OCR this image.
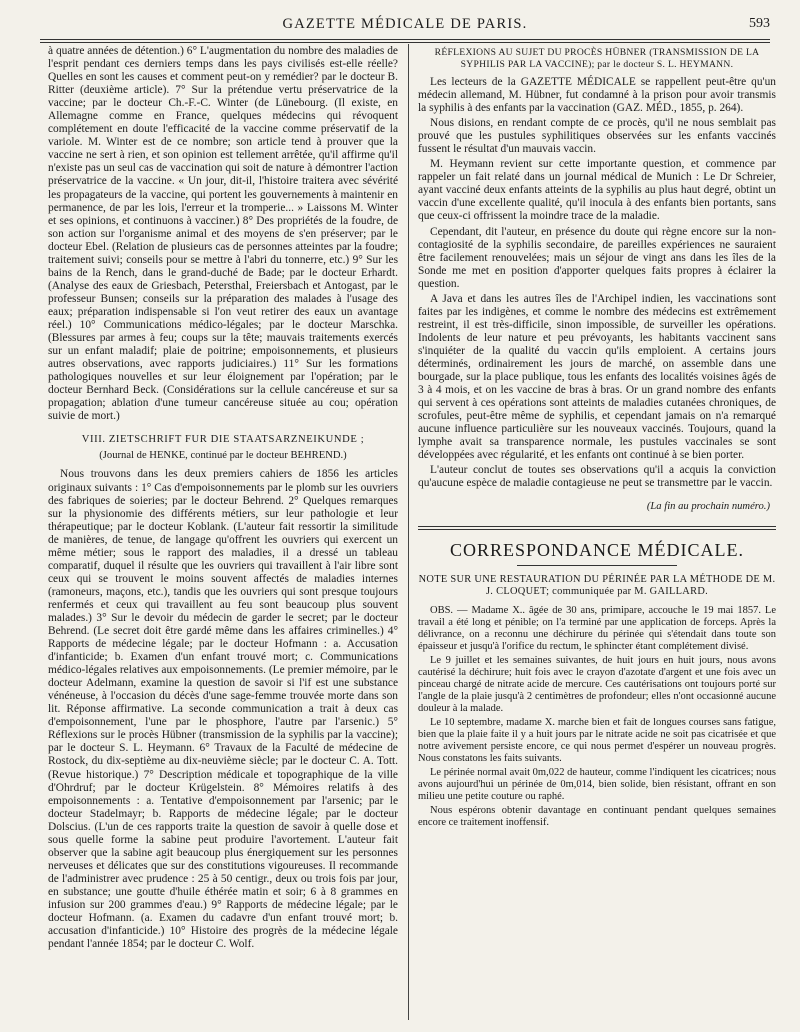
GAZETTE MÉDICALE DE PARIS.	593

à quatre années de détention.) 6° L'augmentation du nombre des maladies de l'esprit pendant ces derniers temps dans les pays civilisés est-elle réelle? Quelles en sont les causes et comment peut-on y remédier? par le docteur B. Ritter (deuxième article). 7° Sur la prétendue vertu préservatrice de la vaccine; par le docteur Ch.-F.-C. Winter (de Lünebourg. (Il existe, en Allemagne comme en France, quelques médecins qui révoquent complétement en doute l'efficacité de la vaccine comme préservatif de la variole. M. Winter est de ce nombre; son article tend à prouver que la vaccine ne sert à rien, et son opinion est tellement arrêtée, qu'il affirme qu'il n'existe pas un seul cas de vaccination qui soit de nature à démontrer l'action préservatrice de la vaccine. « Un jour, dit-il, l'histoire traitera avec sévérité les propagateurs de la vaccine, qui portent les gouvernements à maintenir en permanence, de par les lois, l'erreur et la tromperie... » Laissons M. Winter et ses opinions, et continuons à vacciner.) 8° Des propriétés de la foudre, de son action sur l'organisme animal et des moyens de s'en préserver; par le docteur Ebel. (Relation de plusieurs cas de personnes atteintes par la foudre; traitement suivi; conseils pour se mettre à l'abri du tonnerre, etc.) 9° Sur les bains de la Rench, dans le grand-duché de Bade; par le docteur Erhardt. (Analyse des eaux de Griesbach, Petersthal, Freiersbach et Antogast, par le professeur Bunsen; conseils sur la préparation des malades à l'usage des eaux; préparation indispensable si l'on veut retirer des eaux un avantage réel.) 10° Communications médico-légales; par le docteur Marschka. (Blessures par armes à feu; coups sur la tête; mauvais traitements exercés sur un enfant maladif; plaie de poitrine; empoisonnements, et plusieurs autres observations, avec rapports judiciaires.) 11° Sur les formations pathologiques nouvelles et sur leur éloignement par l'opération; par le docteur Bernhard Beck. (Considérations sur la cellule cancéreuse et sur sa propagation; ablation d'une tumeur cancéreuse située au cou; opération suivie de mort.)

VIII. ZIETSCHRIFT FUR DIE STAATSARZNEIKUNDE ;
(Journal de HENKE, continué par le docteur BEHREND.)

Nous trouvons dans les deux premiers cahiers de 1856 les articles originaux suivants : 1° Cas d'empoisonnements par le plomb sur les ouvriers des fabriques de soieries; par le docteur Behrend. 2° Quelques remarques sur la physionomie des différents métiers, sur leur pathologie et leur thérapeutique; par le docteur Koblank. (L'auteur fait ressortir la similitude de manières, de tenue, de langage qu'offrent les ouvriers qui exercent un même métier; sous le rapport des maladies, il a dressé un tableau comparatif, duquel il résulte que les ouvriers qui travaillent à l'air libre sont ceux qui se trouvent le moins souvent affectés de maladies internes (ramoneurs, maçons, etc.), tandis que les ouvriers qui sont presque toujours renfermés et ceux qui travaillent au feu sont beaucoup plus souvent malades.) 3° Sur le devoir du médecin de garder le secret; par le docteur Behrend. (Le secret doit être gardé même dans les affaires criminelles.) 4° Rapports de médecine légale; par le docteur Hofmann : a. Accusation d'infanticide; b. Examen d'un enfant trouvé mort; c. Communications médico-légales relatives aux empoisonnements. (Le premier mémoire, par le docteur Adelmann, examine la question de savoir si l'if est une substance vénéneuse, à l'occasion du décès d'une sage-femme trouvée morte dans son lit. Réponse affirmative. La seconde communication a trait à deux cas d'empoisonnement, l'une par le phosphore, l'autre par l'arsenic.) 5° Réflexions sur le procès Hübner (transmission de la syphilis par la vaccine); par le docteur S. L. Heymann. 6° Travaux de la Faculté de médecine de Rostock, du dix-septième au dix-neuvième siècle; par le docteur C. A. Tott. (Revue historique.) 7° Description médicale et topographique de la ville d'Ohrdruf; par le docteur Krügelstein. 8° Mémoires relatifs à des empoisonnements : a. Tentative d'empoisonnement par l'arsenic; par le docteur Stadelmayr; b. Rapports de médecine légale; par le docteur Dolscius. (L'un de ces rapports traite la question de savoir à quelle dose et sous quelle forme la sabine peut produire l'avortement. L'auteur fait observer que la sabine agit beaucoup plus énergiquement sur les personnes nerveuses et délicates que sur des constitutions vigoureuses. Il recommande de l'administrer avec prudence : 25 à 50 centigr., deux ou trois fois par jour, en substance; une goutte d'huile éthérée matin et soir; 6 à 8 grammes en infusion sur 200 grammes d'eau.) 9° Rapports de médecine légale; par le docteur Hofmann. (a. Examen du cadavre d'un enfant trouvé mort; b. accusation d'infanticide.) 10° Histoire des progrès de la médecine légale pendant l'année 1854; par le docteur C. Wolf.

RÉFLEXIONS AU SUJET DU PROCÈS HÜBNER (TRANSMISSION DE LA SYPHILIS PAR LA VACCINE); par le docteur S. L. HEYMANN.

Les lecteurs de la GAZETTE MÉDICALE se rappellent peut-être qu'un médecin allemand, M. Hübner, fut condamné à la prison pour avoir transmis la syphilis à des enfants par la vaccination (GAZ. MÉD., 1855, p. 264).

Nous disions, en rendant compte de ce procès, qu'il ne nous semblait pas prouvé que les pustules syphilitiques observées sur les enfants vaccinés fussent le résultat d'un mauvais vaccin.

M. Heymann revient sur cette importante question, et commence par rappeler un fait relaté dans un journal médical de Munich : Le Dr Schreier, ayant vacciné deux enfants atteints de la syphilis au plus haut degré, obtint un vaccin d'une excellente qualité, qu'il inocula à des enfants bien portants, sans que ceux-ci offrissent la moindre trace de la maladie.

Cependant, dit l'auteur, en présence du doute qui règne encore sur la non-contagiosité de la syphilis secondaire, de pareilles expériences ne sauraient être facilement renouvelées; mais un séjour de vingt ans dans les îles de la Sonde me met en position d'apporter quelques faits propres à éclairer la question.

A Java et dans les autres îles de l'Archipel indien, les vaccinations sont faites par les indigènes, et comme le nombre des médecins est extrêmement restreint, il est très-difficile, sinon impossible, de surveiller les opérations. Indolents de leur nature et peu prévoyants, les habitants vaccinent sans s'inquiéter de la qualité du vaccin qu'ils emploient. A certains jours déterminés, ordinairement les jours de marché, on assemble dans une bourgade, sur la place publique, tous les enfants des localités voisines âgés de 3 à 4 mois, et on les vaccine de bras à bras. Or un grand nombre des enfants qui servent à ces opérations sont atteints de maladies cutanées chroniques, de scrofules, peut-être même de syphilis, et cependant jamais on n'a remarqué aucune influence particulière sur les nouveaux vaccinés. Toujours, quand la lymphe avait sa transparence normale, les pustules vaccinales se sont développées avec régularité, et les enfants ont continué à se bien porter.

L'auteur conclut de toutes ses observations qu'il a acquis la conviction qu'aucune espèce de maladie contagieuse ne peut se transmettre par le vaccin.

(La fin au prochain numéro.)
CORRESPONDANCE MÉDICALE.
NOTE SUR UNE RESTAURATION DU PÉRINÉE PAR LA MÉTHODE DE M. J. CLOQUET; communiquée par M. GAILLARD.

OBS. — Madame X.. âgée de 30 ans, primipare, accouche le 19 mai 1857. Le travail a été long et pénible; on l'a terminé par une application de forceps. Après la délivrance, on a reconnu une déchirure du périnée qui s'étendait dans toute son épaisseur et jusqu'à l'orifice du rectum, le sphincter étant complétement divisé.

Le 9 juillet et les semaines suivantes, de huit jours en huit jours, nous avons cautérisé la déchirure; huit fois avec le crayon d'azotate d'argent et une fois avec un pinceau chargé de nitrate acide de mercure. Ces cautérisations ont toujours porté sur l'angle de la plaie jusqu'à 2 centimètres de profondeur; elles n'ont occasionné aucune douleur à la malade.

Le 10 septembre, madame X. marche bien et fait de longues courses sans fatigue, bien que la plaie faite il y a huit jours par le nitrate acide ne soit pas cicatrisée et que notre avivement persiste encore, ce qui nous permet d'espérer un nouveau progrès. Nous constatons les faits suivants.

Le périnée normal avait 0m,022 de hauteur, comme l'indiquent les cicatrices; nous avons aujourd'hui un périnée de 0m,014, bien solide, bien résistant, offrant en son milieu une petite couture ou raphé.

Nous espérons obtenir davantage en continuant pendant quelques semaines encore ce traitement inoffensif.
